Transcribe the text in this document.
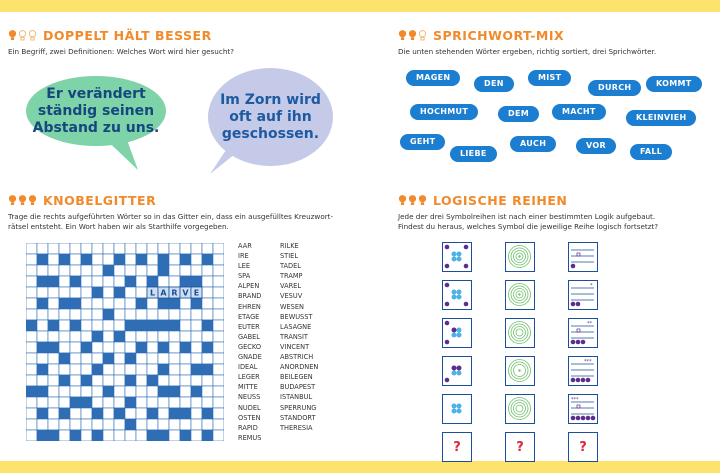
DOPPELT HÄLT BESSER
Ein Begriff, zwei Definitionen: Welches Wort wird hier gesucht?
Er verändert ständig seinen Abstand zu uns.
Im Zorn wird oft auf ihn geschossen.
SPRICHWORT-MIX
Die unten stehenden Wörter ergeben, richtig sortiert, drei Sprichwörter.
MAGEN
DEN
MIST
DURCH	KOMMT
HOCHMUT	DEM	MACHT
KLEINVIEH
GEHT
LIEBE
AUCH	VOR
FALL
KNOBELGITTER
Trage die rechts aufgeführten Wörter so in das Gitter ein, dass ein ausgefülltes Kreuzwort-
rätsel entsteht. Ein Wort haben wir als Starthilfe vorgegeben.
L A R V E
AAR
IRE
LEE
SPA
ALPEN
BRAND
EHREN
ETAGE
EUTER
GABEL
GECKO
GNADE
IDEAL
LEGER
MITTE
NEUSS
NUDEL
OSTEN
RAPID
REMUS
RILKE
STIEL
TADEL
TRAMP
VAREL
VESUV
WESEN
BEWUSST
LASAGNE
TRANSIT
VINCENT
ABSTRICH
ANORDNEN
BEILEGEN
BUDAPEST
ISTANBUL
SPERRUNG
STANDORT
THERESIA
LOGISCHE REIHEN
Jede der drei Symbolreihen ist nach einer bestimmten Logik aufgebaut.
Findest du heraus, welches Symbol die jeweilige Reihe logisch fortsetzt?
?	?
*
**
***
***
?
